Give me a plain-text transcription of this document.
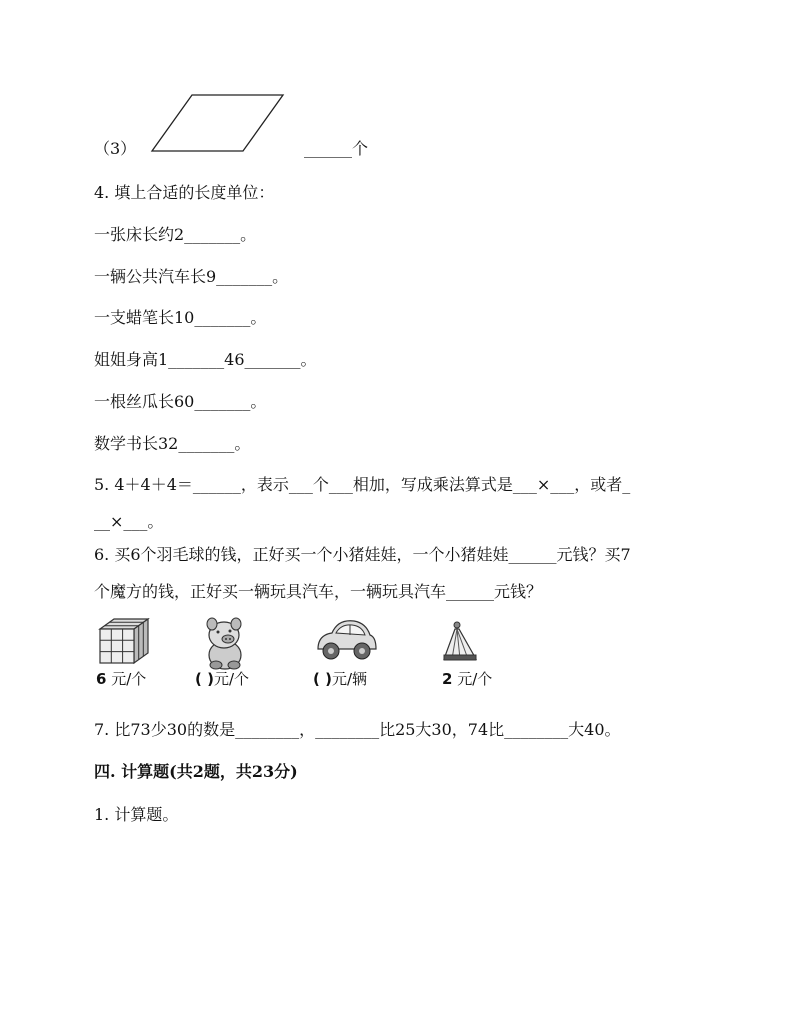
（3）	______个
4. 填上合适的长度单位：
一张床长约2_______。
一辆公共汽车长9_______。
一支蜡笔长10_______。
姐姐身高1_______46_______。
一根丝瓜长60_______。
数学书长32_______。
5. 4＋4＋4＝______，表示___个___相加，写成乘法算式是___×___，或者_
__×___。
6. 买6个羽毛球的钱，正好买一个小猪娃娃，一个小猪娃娃______元钱？买7
个魔方的钱，正好买一辆玩具汽车，一辆玩具汽车______元钱？
6 元/个	( )元/个	( )元/辆	2 元/个
7. 比73少30的数是________，________比25大30，74比________大40。
四. 计算题(共2题，共23分)
1. 计算题。
